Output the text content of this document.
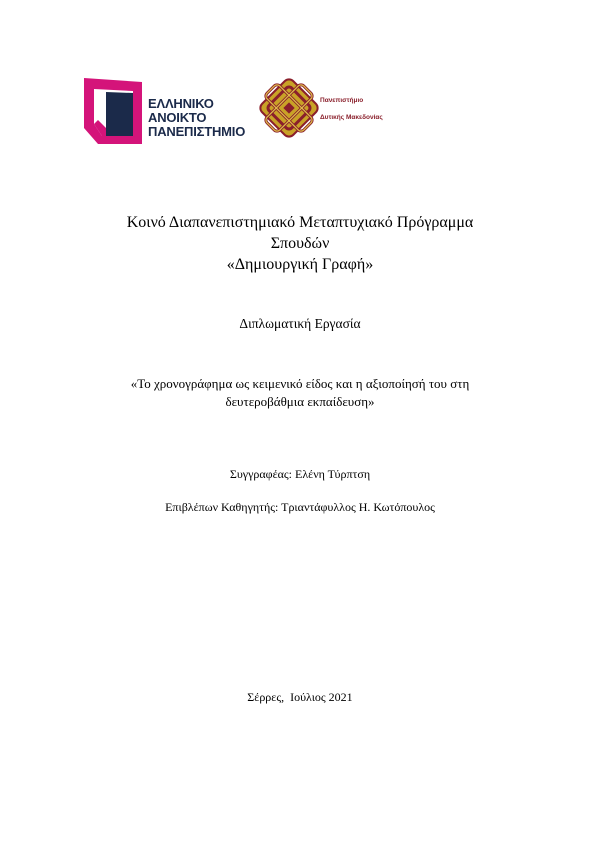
ΕΛΛΗΝΙΚΟ
ΑΝΟΙΚΤΟ
ΠΑΝΕΠΙΣΤΗΜΙΟ
Πανεπιστήμιο
Δυτικής Μακεδονίας
Κοινό Διαπανεπιστημιακό Μεταπτυχιακό Πρόγραμμα
Σπουδών
«Δημιουργική Γραφή»
Διπλωματική Εργασία
«Το χρονογράφημα ως κειμενικό είδος και η αξιοποίησή του στη
δευτεροβάθμια εκπαίδευση»
Συγγραφέας: Ελένη Τύρπτση
Επιβλέπων Καθηγητής: Τριαντάφυλλος Η. Κωτόπουλος
Σέρρες,  Ιούλιος 2021
